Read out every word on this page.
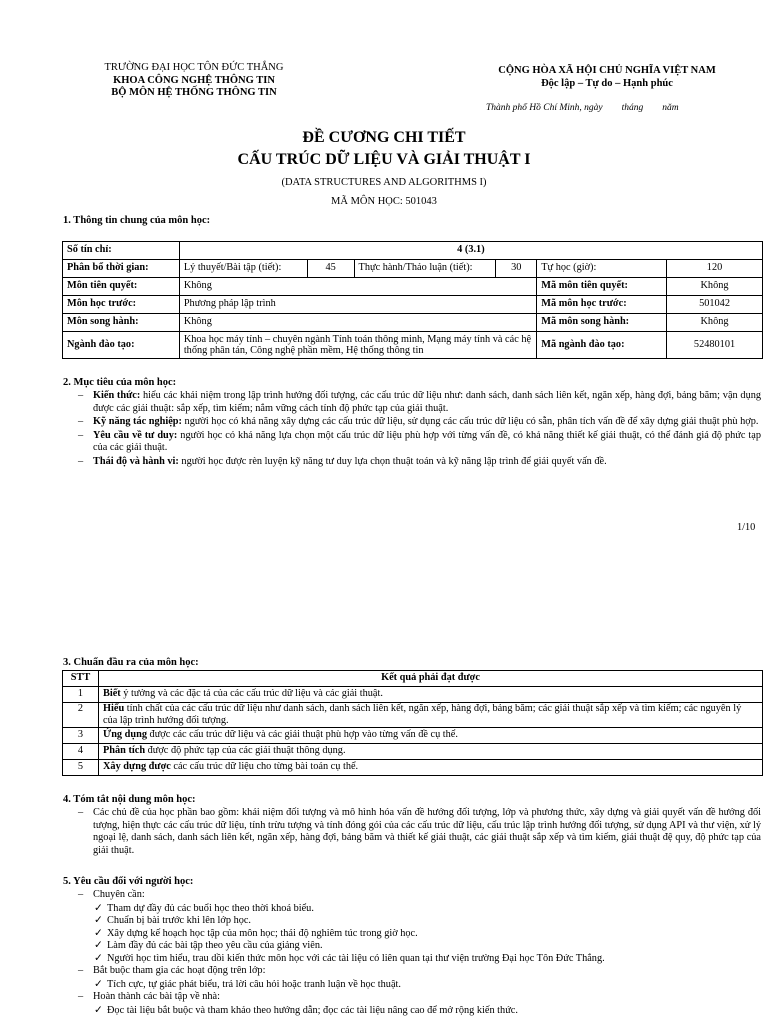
TRƯỜNG ĐẠI HỌC TÔN ĐỨC THẮNG
KHOA CÔNG NGHỆ THÔNG TIN
BỘ MÔN HỆ THỐNG THÔNG TIN
CỘNG HÒA XÃ HỘI CHỦ NGHĨA VIỆT NAM
Độc lập – Tự do – Hạnh phúc
Thành phố Hồ Chí Minh, ngày        tháng        năm
ĐỀ CƯƠNG CHI TIẾT
CẤU TRÚC DỮ LIỆU VÀ GIẢI THUẬT I
(DATA STRUCTURES AND ALGORITHMS I)
MÃ MÔN HỌC: 501043
1. Thông tin chung của môn học:
Số tín chỉ:	4 (3.1)					
Phân bổ thời gian:	Lý thuyết/Bài tập (tiết):	45	Thực hành/Thảo luận (tiết):	30	Tự học (giờ):	120
Môn tiên quyết:	Không				Mã môn tiên quyết:	Không
Môn học trước:	Phương pháp lập trình				Mã môn học trước:	501042
Môn song hành:	Không				Mã môn song hành:	Không
Ngành đào tạo:	Khoa học máy tính – chuyên ngành Tính toán thông minh, Mạng máy tính và các hệ thống phân tán, Công nghệ phần mềm, Hệ thống thông tin				Mã ngành đào tạo:	52480101
2. Mục tiêu của môn học:
– Kiến thức: hiểu các khái niệm trong lập trình hướng đối tượng, các cấu trúc dữ liệu như: danh sách, danh sách liên kết, ngăn xếp, hàng đợi, bảng băm; vận dụng được các giải thuật: sắp xếp, tìm kiếm; nắm vững cách tính độ phức tạp của giải thuật.
– Kỹ năng tác nghiệp: người học có khả năng xây dựng các cấu trúc dữ liệu, sử dụng các cấu trúc dữ liệu có sẵn, phân tích vấn đề để xây dựng giải thuật phù hợp.
– Yêu cầu về tư duy: người học có khả năng lựa chọn một cấu trúc dữ liệu phù hợp với từng vấn đề, có khả năng thiết kế giải thuật, có thể đánh giá độ phức tạp của các giải thuật.
– Thái độ và hành vi: người học được rèn luyện kỹ năng tư duy lựa chọn thuật toán và kỹ năng lập trình để giải quyết vấn đề.
1/10
3. Chuẩn đầu ra của môn học:
STT	Kết quả phải đạt được
1	Biết ý tưởng và các đặc tả của các cấu trúc dữ liệu và các giải thuật.
2	Hiểu tính chất của các cấu trúc dữ liệu như danh sách, danh sách liên kết, ngăn xếp, hàng đợi, bảng băm; các giải thuật sắp xếp và tìm kiếm; các nguyên lý của lập trình hướng đối tượng.
3	Ứng dụng được các cấu trúc dữ liệu và các giải thuật phù hợp vào từng vấn đề cụ thể.
4	Phân tích được độ phức tạp của các giải thuật thông dụng.
5	Xây dựng được các cấu trúc dữ liệu cho từng bài toán cụ thể.
4. Tóm tắt nội dung môn học:
– Các chủ đề của học phần bao gồm: khái niệm đối tượng và mô hình hóa vấn đề hướng đối tượng, lớp và phương thức, xây dựng và giải quyết vấn đề hướng đối tượng, hiện thực các cấu trúc dữ liệu, tính trừu tượng và tính đóng gói của các cấu trúc dữ liệu, cấu trúc lập trình hướng đối tượng, sử dụng API và thư viện, xử lý ngoại lệ, danh sách, danh sách liên kết, ngăn xếp, hàng đợi, bảng băm và thiết kế giải thuật, các giải thuật sắp xếp và tìm kiếm, giải thuật đệ quy, độ phức tạp của giải thuật.
5. Yêu cầu đối với người học:
– Chuyên cần:
✓ Tham dự đầy đủ các buổi học theo thời khoá biểu.
✓ Chuẩn bị bài trước khi lên lớp học.
✓ Xây dựng kế hoạch học tập của môn học; thái độ nghiêm túc trong giờ học.
✓ Làm đầy đủ các bài tập theo yêu cầu của giảng viên.
✓ Người học tìm hiểu, trau dồi kiến thức môn học với các tài liệu có liên quan tại thư viện trường Đại học Tôn Đức Thắng.
– Bắt buộc tham gia các hoạt động trên lớp:
✓ Tích cực, tự giác phát biểu, trả lời câu hỏi hoặc tranh luận về học thuật.
– Hoàn thành các bài tập về nhà:
✓ Đọc tài liệu bắt buộc và tham khảo theo hướng dẫn; đọc các tài liệu nâng cao để mở rộng kiến thức.
